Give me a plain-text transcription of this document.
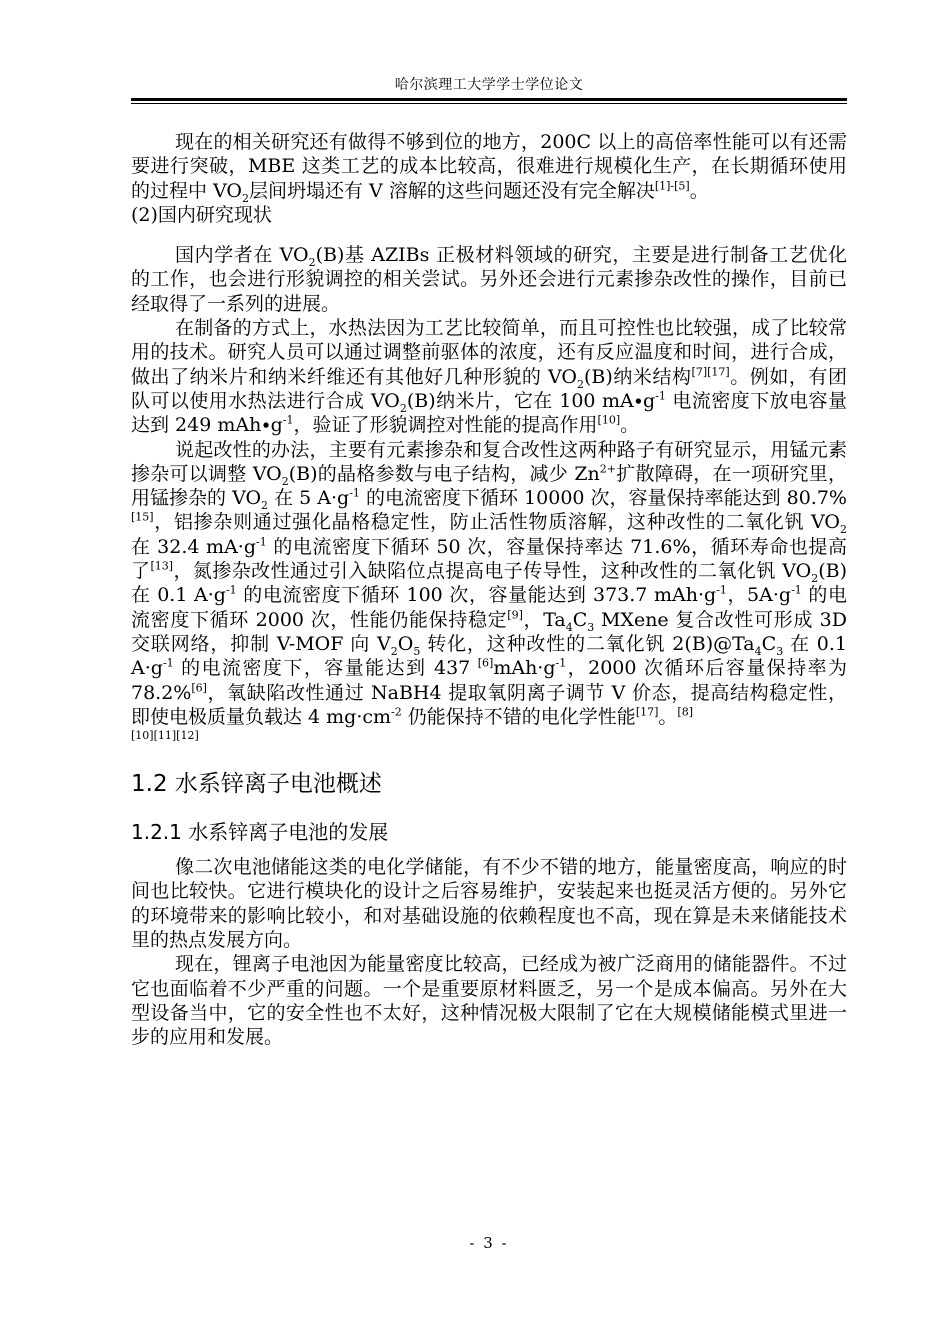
哈尔滨理工大学学士学位论文

现在的相关研究还有做得不够到位的地方，200C 以上的高倍率性能可以有还需要进行突破，MBE 这类工艺的成本比较高，很难进行规模化生产，在长期循环使用的过程中 $VO_2$层间坍塌还有 V 溶解的这些问题还没有完全解决[1]-[5]。

(2)国内研究现状

国内学者在 $VO_2(B)$基 AZIBs 正极材料领域的研究，主要是进行制备工艺优化的工作，也会进行形貌调控的相关尝试。另外还会进行元素掺杂改性的操作，目前已经取得了一系列的进展。

在制备的方式上，水热法因为工艺比较简单，而且可控性也比较强，成了比较常用的技术。研究人员可以通过调整前驱体的浓度，还有反应温度和时间，进行合成，做出了纳米片和纳米纤维还有其他好几种形貌的 $VO_2(B)$纳米结构[7][17]。例如，有团队可以使用水热法进行合成 $VO_2(B)$纳米片，它在 100 $mA\cdot g^{-1}$ 电流密度下放电容量达到 249 $mAh\cdot g^{-1}$，验证了形貌调控对性能的提高作用[10]。

说起改性的办法，主要有元素掺杂和复合改性这两种路子有研究显示，用锰元素掺杂可以调整 $VO_2(B)$的晶格参数与电子结构，减少 $Zn^{2+}$扩散障碍，在一项研究里，用锰掺杂的 $VO_2$ 在 5 $A\cdot g^{-1}$ 的电流密度下循环 10000 次，容量保持率能达到 80.7%[15]，铝掺杂则通过强化晶格稳定性，防止活性物质溶解，这种改性的二氧化钒 $VO_2$ 在 32.4 $mA\cdot g^{-1}$ 的电流密度下循环 50 次，容量保持率达 71.6%，循环寿命也提高了[13]，氮掺杂改性通过引入缺陷位点提高电子传导性，这种改性的二氧化钒 $VO_2(B)$在 0.1 $A\cdot g^{-1}$ 的电流密度下循环 100 次，容量能达到 373.7 $mAh\cdot g^{-1}$，$5A\cdot g^{-1}$ 的电流密度下循环 2000 次，性能仍能保持稳定[9]，$Ta_4C_3$ MXene 复合改性可形成 3D 交联网络，抑制 V-MOF 向 $V_2O_5$ 转化，这种改性的二氧化钒 $2(B)@Ta_4C_3$ 在 0.1 $A\cdot g^{-1}$ 的电流密度下，容量能达到 437 $[6]mAh\cdot g^{-1}$，2000 次循环后容量保持率为 78.2%[6]，氧缺陷改性通过 NaBH4 提取氧阴离子调节 V 价态，提高结构稳定性，即使电极质量负载达 4 $mg\cdot cm^{-2}$ 仍能保持不错的电化学性能[17]。[8]

[10][11][12]

1.2 水系锌离子电池概述
1.2.1 水系锌离子电池的发展

像二次电池储能这类的电化学储能，有不少不错的地方，能量密度高，响应的时间也比较快。它进行模块化的设计之后容易维护，安装起来也挺灵活方便的。另外它的环境带来的影响比较小，和对基础设施的依赖程度也不高，现在算是未来储能技术里的热点发展方向。

现在，锂离子电池因为能量密度比较高，已经成为被广泛商用的储能器件。不过它也面临着不少严重的问题。一个是重要原材料匮乏，另一个是成本偏高。另外在大型设备当中，它的安全性也不太好，这种情况极大限制了它在大规模储能模式里进一步的应用和发展。

- 3 -
